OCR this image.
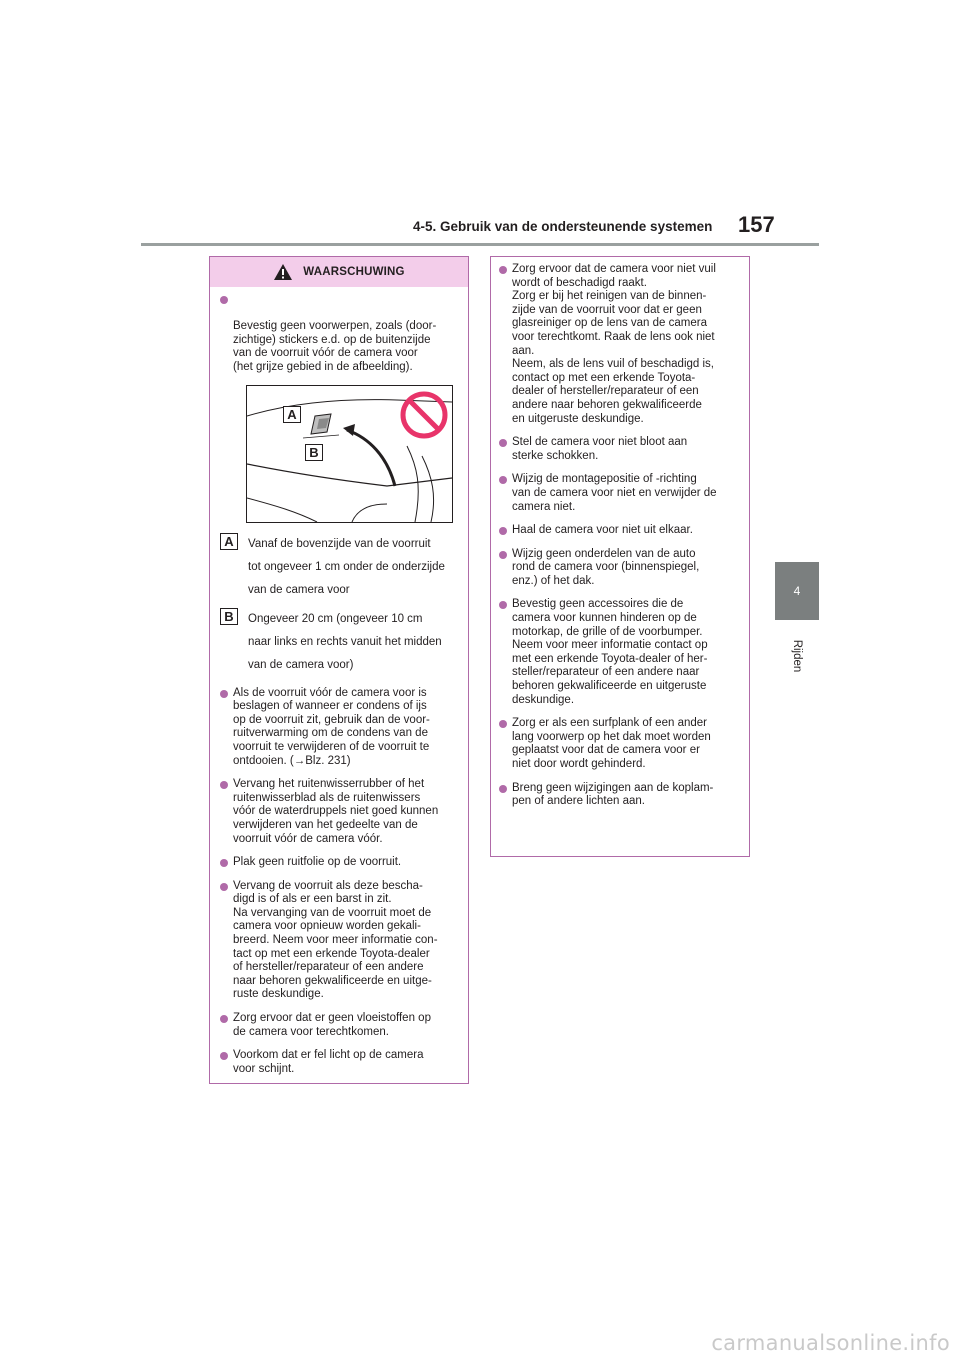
4-5. Gebruik van de ondersteunende systemen 157
4
Rijden
WAARSCHUWING

Bevestig geen voorwerpen, zoals (door-
zichtige) stickers e.d. op de buitenzijde
van de voorruit vóór de camera voor
(het grijze gebied in de afbeelding).

A
B
A	Vanaf de bovenzijde van de voorruit
tot ongeveer 1 cm onder de onderzijde
van de camera voor
B	Ongeveer 20 cm (ongeveer 10 cm
naar links en rechts vanuit het midden
van de camera voor)
Als de voorruit vóór de camera voor is
beslagen of wanneer er condens of ijs
op de voorruit zit, gebruik dan de voor-
ruitverwarming om de condens van de
voorruit te verwijderen of de voorruit te
ontdooien. (→Blz. 231)
Vervang het ruitenwisserrubber of het
ruitenwisserblad als de ruitenwissers
vóór de waterdruppels niet goed kunnen
verwijderen van het gedeelte van de
voorruit vóór de camera vóór.
Plak geen ruitfolie op de voorruit.
Vervang de voorruit als deze bescha-
digd is of als er een barst in zit.
Na vervanging van de voorruit moet de
camera voor opnieuw worden gekali-
breerd. Neem voor meer informatie con-
tact op met een erkende Toyota-dealer
of hersteller/reparateur of een andere
naar behoren gekwalificeerde en uitge-
ruste deskundige.
Zorg ervoor dat er geen vloeistoffen op
de camera voor terechtkomen.
Voorkom dat er fel licht op de camera
voor schijnt.
Zorg ervoor dat de camera voor niet vuil
wordt of beschadigd raakt.
Zorg er bij het reinigen van de binnen-
zijde van de voorruit voor dat er geen
glasreiniger op de lens van de camera
voor terechtkomt. Raak de lens ook niet
aan.
Neem, als de lens vuil of beschadigd is,
contact op met een erkende Toyota-
dealer of hersteller/reparateur of een
andere naar behoren gekwalificeerde
en uitgeruste deskundige.
Stel de camera voor niet bloot aan
sterke schokken.
Wijzig de montagepositie of -richting
van de camera voor niet en verwijder de
camera niet.
Haal de camera voor niet uit elkaar.
Wijzig geen onderdelen van de auto
rond de camera voor (binnenspiegel,
enz.) of het dak.
Bevestig geen accessoires die de
camera voor kunnen hinderen op de
motorkap, de grille of de voorbumper.
Neem voor meer informatie contact op
met een erkende Toyota-dealer of her-
steller/reparateur of een andere naar
behoren gekwalificeerde en uitgeruste
deskundige.
Zorg er als een surfplank of een ander
lang voorwerp op het dak moet worden
geplaatst voor dat de camera voor er
niet door wordt gehinderd.
Breng geen wijzigingen aan de koplam-
pen of andere lichten aan.
carmanualsonline.info
